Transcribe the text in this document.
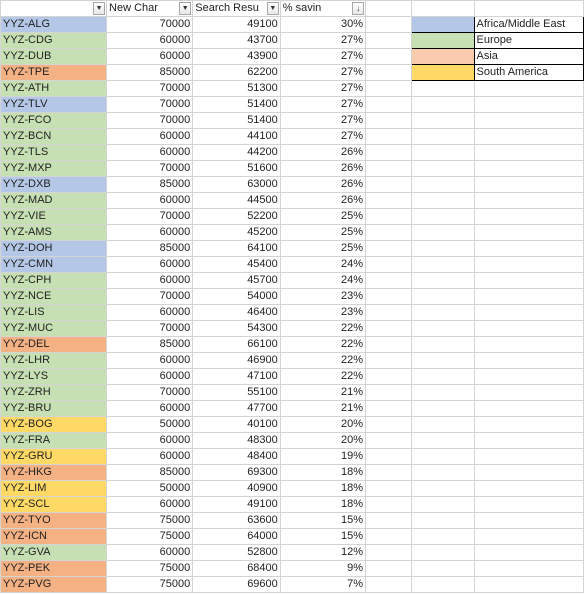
▼	New Char ▼	Search Resu ▼	% savin ↓			

YYZ-ALG	70000	49100	30%			Africa/Middle East
YYZ-CDG	60000	43700	27%			Europe
YYZ-DUB	60000	43900	27%			Asia
YYZ-TPE	85000	62200	27%			South America
YYZ-ATH	70000	51300	27%			
YYZ-TLV	70000	51400	27%			
YYZ-FCO	70000	51400	27%			
YYZ-BCN	60000	44100	27%			
YYZ-TLS	60000	44200	26%			
YYZ-MXP	70000	51600	26%			
YYZ-DXB	85000	63000	26%			
YYZ-MAD	60000	44500	26%			
YYZ-VIE	70000	52200	25%			
YYZ-AMS	60000	45200	25%			
YYZ-DOH	85000	64100	25%			
YYZ-CMN	60000	45400	24%			
YYZ-CPH	60000	45700	24%			
YYZ-NCE	70000	54000	23%			
YYZ-LIS	60000	46400	23%			
YYZ-MUC	70000	54300	22%			
YYZ-DEL	85000	66100	22%			
YYZ-LHR	60000	46900	22%			
YYZ-LYS	60000	47100	22%			
YYZ-ZRH	70000	55100	21%			
YYZ-BRU	60000	47700	21%			
YYZ-BOG	50000	40100	20%			
YYZ-FRA	60000	48300	20%			
YYZ-GRU	60000	48400	19%			
YYZ-HKG	85000	69300	18%			
YYZ-LIM	50000	40900	18%			
YYZ-SCL	60000	49100	18%			
YYZ-TYO	75000	63600	15%			
YYZ-ICN	75000	64000	15%			
YYZ-GVA	60000	52800	12%			
YYZ-PEK	75000	68400	9%			
YYZ-PVG	75000	69600	7%			
